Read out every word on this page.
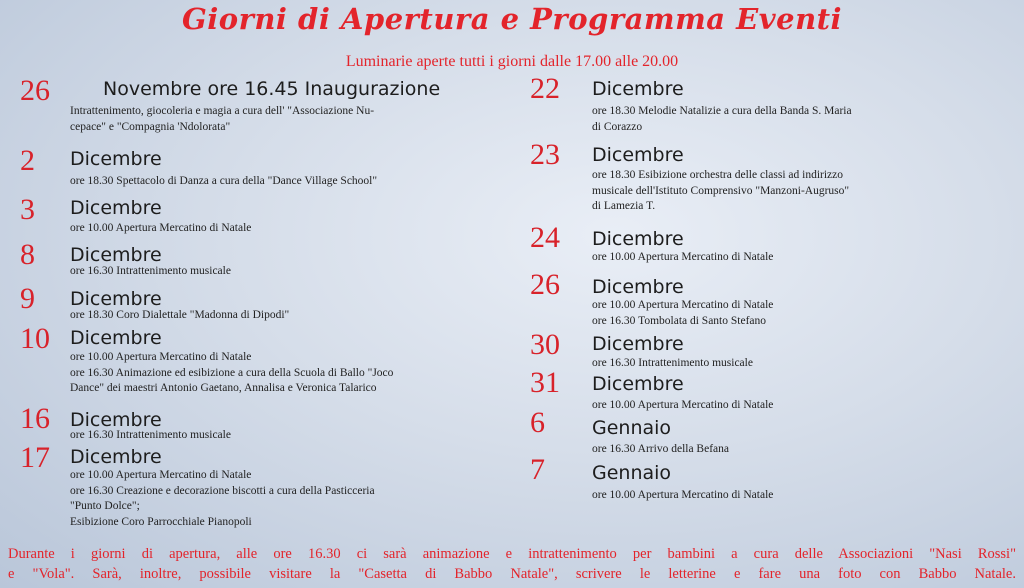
Giorni di Apertura e Programma Eventi
Luminarie aperte tutti i giorni dalle 17.00 alle 20.00
26	Novembre ore 16.45 Inaugurazione
Intrattenimento, giocoleria e magia a cura dell' "Associazione Nu-
cepace" e "Compagnia 'Ndolorata"
2 Dicembre
ore 18.30 Spettacolo di Danza a cura della "Dance Village School"
3 Dicembre
ore 10.00 Apertura Mercatino di Natale
8 Dicembre
ore 16.30 Intrattenimento musicale
9 Dicembre
ore 18.30 Coro Dialettale "Madonna di Dipodi"
10 Dicembre
ore 10.00 Apertura Mercatino di Natale
ore 16.30 Animazione ed esibizione a cura della Scuola di Ballo "Joco
Dance" dei maestri Antonio Gaetano, Annalisa e Veronica Talarico
16 Dicembre
ore 16.30 Intrattenimento musicale
17 Dicembre
ore 10.00 Apertura Mercatino di Natale
ore 16.30 Creazione e decorazione biscotti a cura della Pasticceria
"Punto Dolce";
Esibizione Coro Parrocchiale Pianopoli
22 Dicembre
ore 18.30 Melodie Natalizie a cura della Banda S. Maria
di Corazzo
23 Dicembre
ore 18.30 Esibizione orchestra delle classi ad indirizzo
musicale dell'Istituto Comprensivo "Manzoni-Augruso"
di Lamezia T.
24 Dicembre
ore 10.00 Apertura Mercatino di Natale
26 Dicembre
ore 10.00 Apertura Mercatino di Natale
ore 16.30 Tombolata di Santo Stefano
30 Dicembre
ore 16.30 Intrattenimento musicale
31 Dicembre
ore 10.00 Apertura Mercatino di Natale
6 Gennaio
ore 16.30 Arrivo della Befana
7 Gennaio
ore 10.00 Apertura Mercatino di Natale
Durante i giorni di apertura, alle ore 16.30 ci sarà animazione e intrattenimento per bambini a cura delle Associazioni "Nasi Rossi"
e "Vola". Sarà, inoltre, possibile visitare la "Casetta di Babbo Natale", scrivere le letterine e fare una foto con Babbo Natale.
